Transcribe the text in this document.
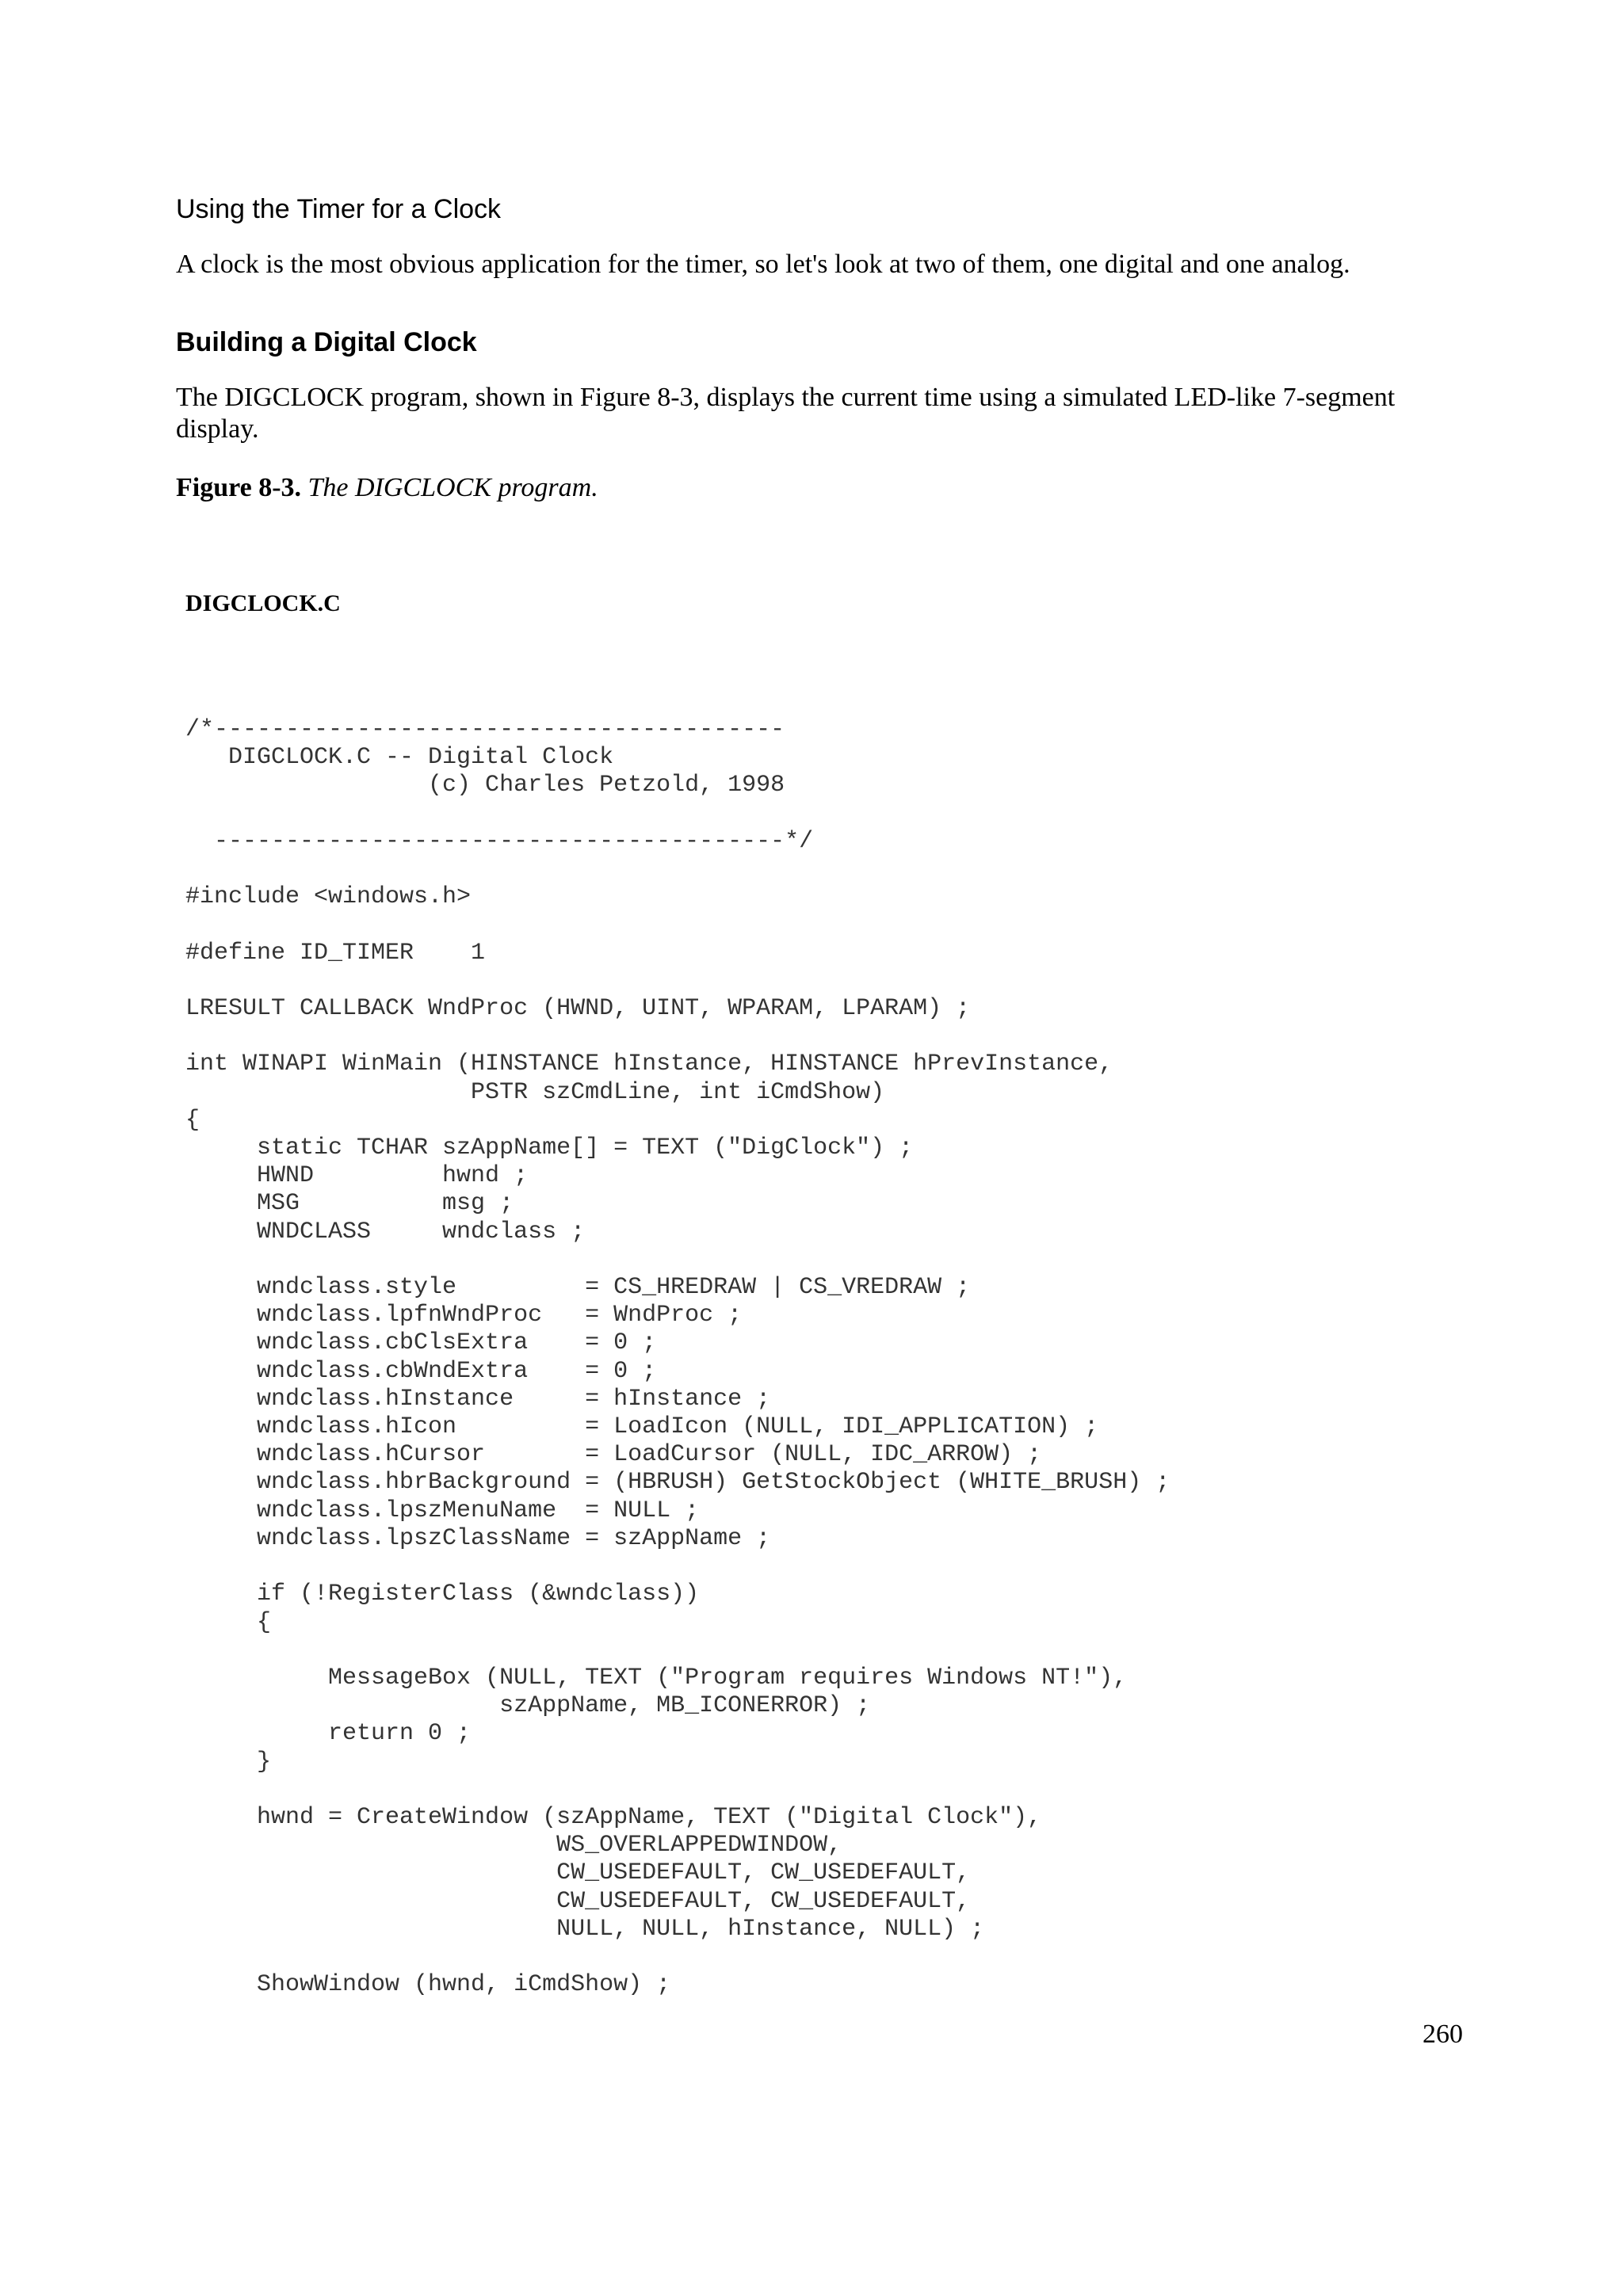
Using the Timer for a Clock

A clock is the most obvious application for the timer, so let's look at two of them, one digital and one analog.

Building a Digital Clock

The DIGCLOCK program, shown in Figure 8-3, displays the current time using a simulated LED-like 7-segment display.

Figure 8-3. The DIGCLOCK program.

DIGCLOCK.C

/*----------------------------------------
DIGCLOCK.C -- Digital Clock
(c) Charles Petzold, 1998

----------------------------------------*/

#include <windows.h>

#define ID_TIMER    1

LRESULT CALLBACK WndProc (HWND, UINT, WPARAM, LPARAM) ;

int WINAPI WinMain (HINSTANCE hInstance, HINSTANCE hPrevInstance,
PSTR szCmdLine, int iCmdShow)
{
static TCHAR szAppName[] = TEXT ("DigClock") ;
HWND         hwnd ;
MSG          msg ;
WNDCLASS     wndclass ;

wndclass.style         = CS_HREDRAW | CS_VREDRAW ;
wndclass.lpfnWndProc   = WndProc ;
wndclass.cbClsExtra    = 0 ;
wndclass.cbWndExtra    = 0 ;
wndclass.hInstance     = hInstance ;
wndclass.hIcon         = LoadIcon (NULL, IDI_APPLICATION) ;
wndclass.hCursor       = LoadCursor (NULL, IDC_ARROW) ;
wndclass.hbrBackground = (HBRUSH) GetStockObject (WHITE_BRUSH) ;
wndclass.lpszMenuName  = NULL ;
wndclass.lpszClassName = szAppName ;

if (!RegisterClass (&wndclass))
{

MessageBox (NULL, TEXT ("Program requires Windows NT!"),
szAppName, MB_ICONERROR) ;
return 0 ;
}

hwnd = CreateWindow (szAppName, TEXT ("Digital Clock"),
WS_OVERLAPPEDWINDOW,
CW_USEDEFAULT, CW_USEDEFAULT,
CW_USEDEFAULT, CW_USEDEFAULT,
NULL, NULL, hInstance, NULL) ;

ShowWindow (hwnd, iCmdShow) ;

260
